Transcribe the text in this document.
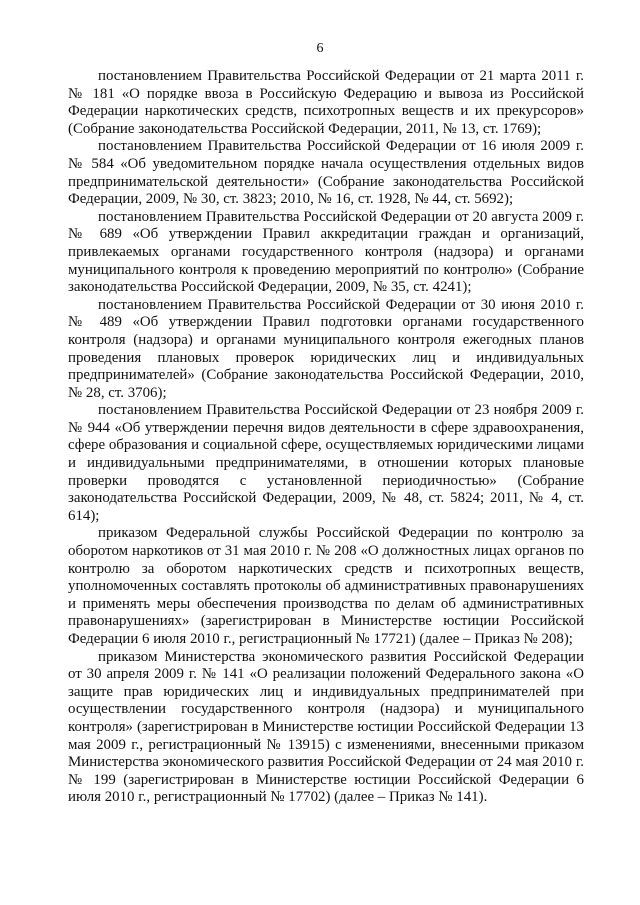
6

постановлением Правительства Российской Федерации от 21 марта 2011 г. № 181 «О порядке ввоза в Российскую Федерацию и вывоза из Российской Федерации наркотических средств, психотропных веществ и их прекурсоров» (Собрание законодательства Российской Федерации, 2011, № 13, ст. 1769);

постановлением Правительства Российской Федерации от 16 июля 2009 г. № 584 «Об уведомительном порядке начала осуществления отдельных видов предпринимательской деятельности» (Собрание законодательства Российской Федерации, 2009, № 30, ст. 3823; 2010, № 16, ст. 1928, № 44, ст. 5692);

постановлением Правительства Российской Федерации от 20 августа 2009 г. № 689 «Об утверждении Правил аккредитации граждан и организаций, привлекаемых органами государственного контроля (надзора) и органами муниципального контроля к проведению мероприятий по контролю» (Собрание законодательства Российской Федерации, 2009, № 35, ст. 4241);

постановлением Правительства Российской Федерации от 30 июня 2010 г. № 489 «Об утверждении Правил подготовки органами государственного контроля (надзора) и органами муниципального контроля ежегодных планов проведения плановых проверок юридических лиц и индивидуальных предпринимателей» (Собрание законодательства Российской Федерации, 2010, № 28, ст. 3706);

постановлением Правительства Российской Федерации от 23 ноября 2009 г. № 944 «Об утверждении перечня видов деятельности в сфере здравоохранения, сфере образования и социальной сфере, осуществляемых юридическими лицами и индивидуальными предпринимателями, в отношении которых плановые проверки проводятся с установленной периодичностью» (Собрание законодательства Российской Федерации, 2009, № 48, ст. 5824; 2011, № 4, ст. 614);

приказом Федеральной службы Российской Федерации по контролю за оборотом наркотиков от 31 мая 2010 г. № 208 «О должностных лицах органов по контролю за оборотом наркотических средств и психотропных веществ, уполномоченных составлять протоколы об административных правонарушениях и применять меры обеспечения производства по делам об административных правонарушениях» (зарегистрирован в Министерстве юстиции Российской Федерации 6 июля 2010 г., регистрационный № 17721) (далее – Приказ № 208);

приказом Министерства экономического развития Российской Федерации от 30 апреля 2009 г. № 141 «О реализации положений Федерального закона «О защите прав юридических лиц и индивидуальных предпринимателей при осуществлении государственного контроля (надзора) и муниципального контроля» (зарегистрирован в Министерстве юстиции Российской Федерации 13 мая 2009 г., регистрационный № 13915) с изменениями, внесенными приказом Министерства экономического развития Российской Федерации от 24 мая 2010 г. № 199 (зарегистрирован в Министерстве юстиции Российской Федерации 6 июля 2010 г., регистрационный № 17702) (далее – Приказ № 141).
